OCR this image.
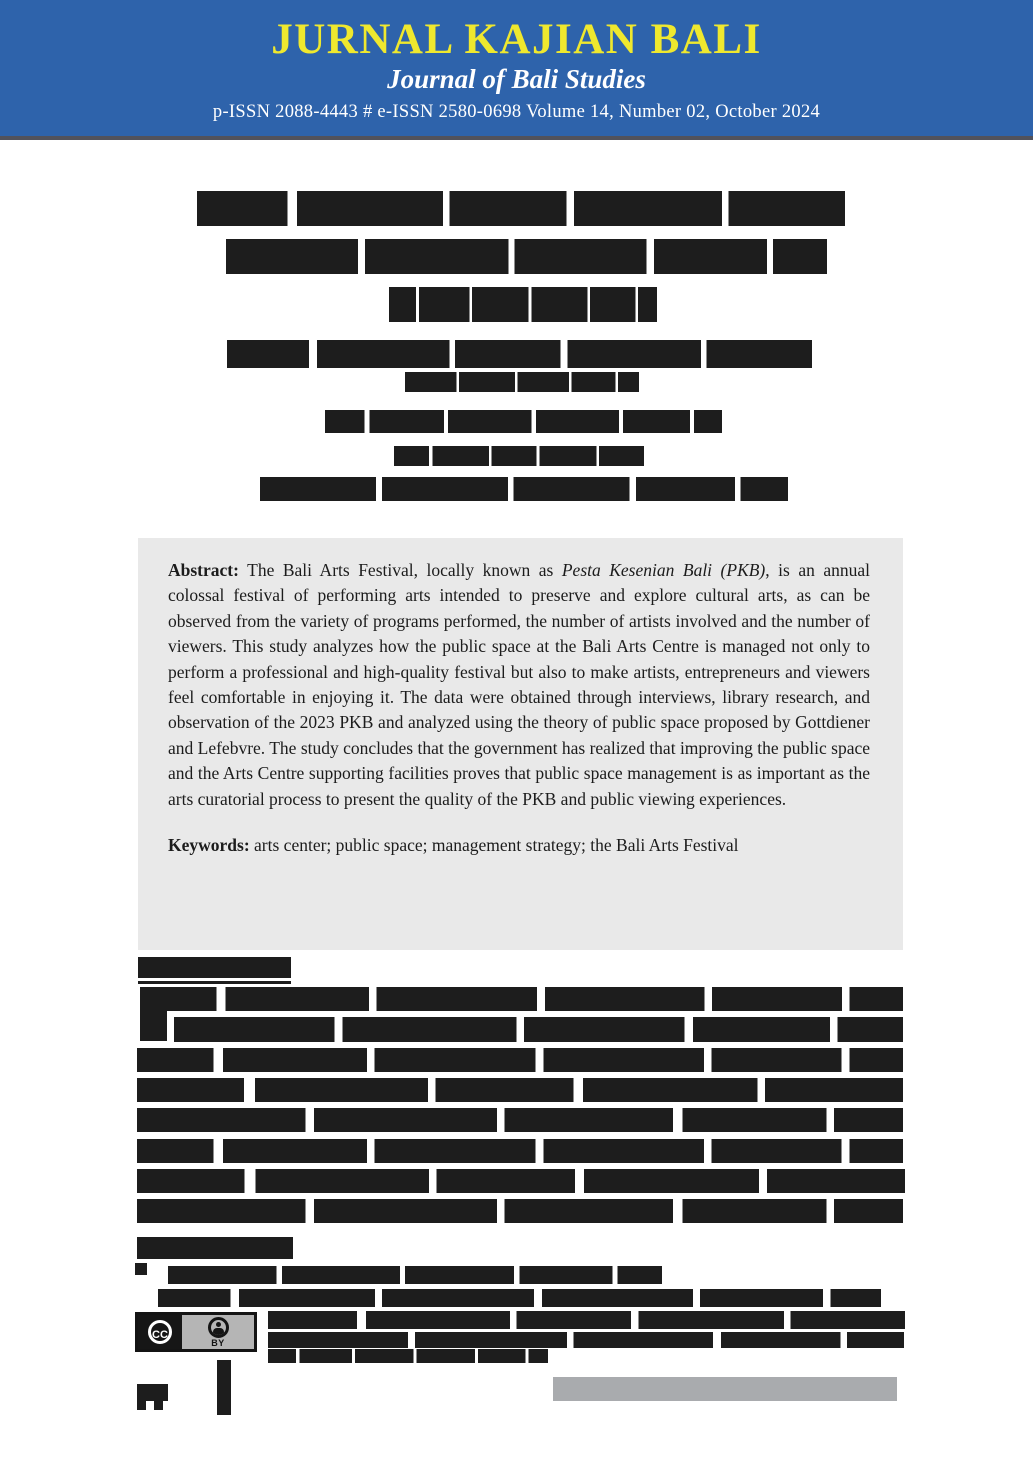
JURNAL KAJIAN BALI
Journal of Bali Studies
p-ISSN 2088-4443 # e-ISSN 2580-0698 Volume 14, Number 02, October 2024

Abstract: The Bali Arts Festival, locally known as Pesta Kesenian Bali (PKB), is an annual colossal festival of performing arts intended to preserve and explore cultural arts, as can be observed from the variety of programs performed, the number of artists involved and the number of viewers. This study analyzes how the public space at the Bali Arts Centre is managed not only to perform a professional and high-quality festival but also to make artists, entrepreneurs and viewers feel comfortable in enjoying it. The data were obtained through interviews, library research, and observation of the 2023 PKB and analyzed using the theory of public space proposed by Gottdiener and Lefebvre. The study concludes that the government has realized that improving the public space and the Arts Centre supporting facilities proves that public space management is as important as the arts curatorial process to present the quality of the PKB and public viewing experiences.

Keywords: arts center; public space; management strategy; the Bali Arts Festival

CC
BY
